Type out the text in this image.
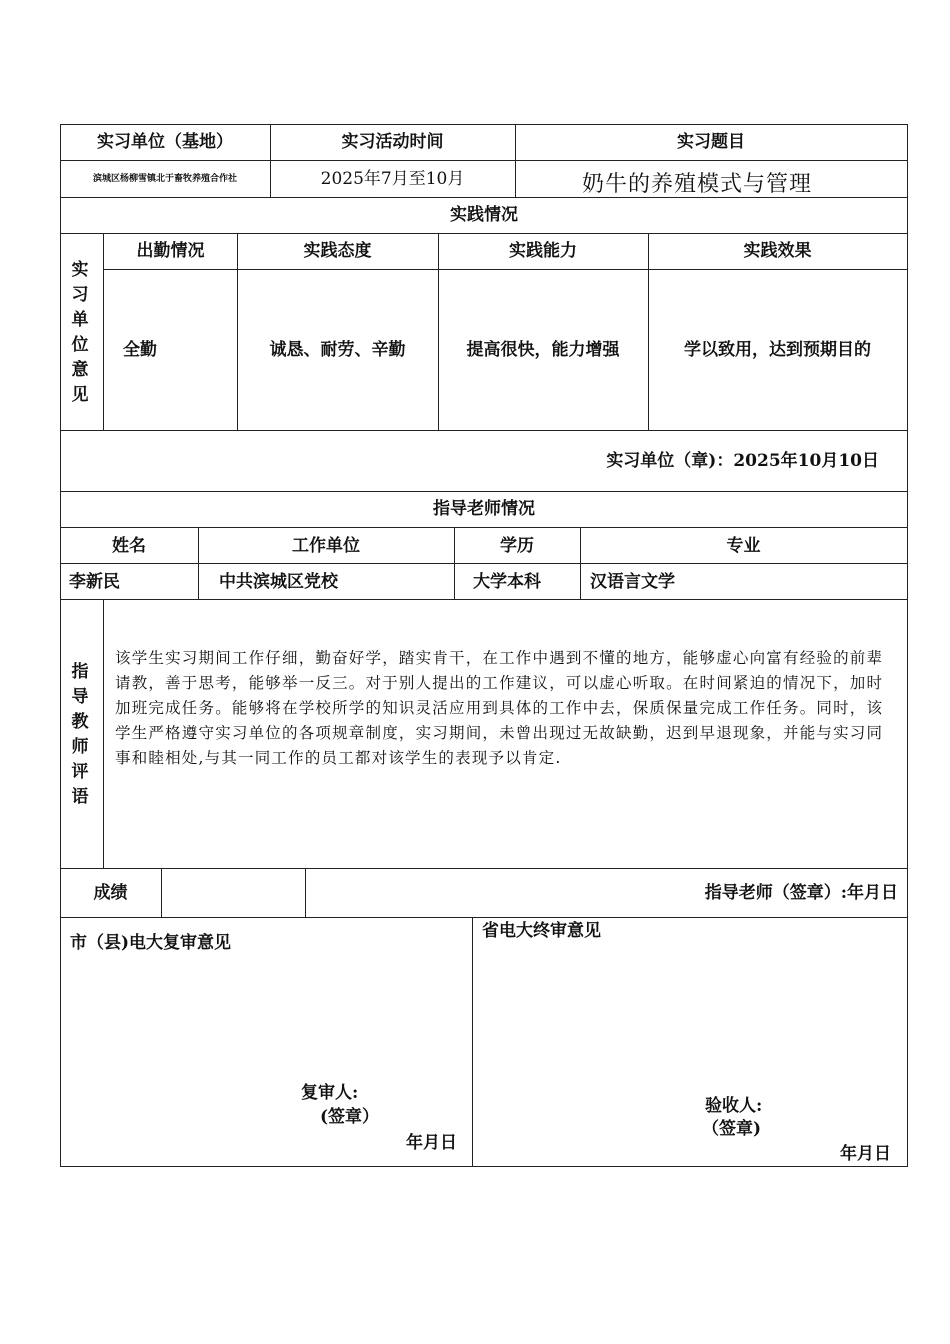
实习单位（基地）	实习活动时间	实习题目
滨城区杨柳雪镇北于畜牧养殖合作社	2025年7月至10月	奶牛的养殖模式与管理
实践情况
实习单位意见
出勤情况	实践态度	实践能力	实践效果
全勤	诚恳、耐劳、辛勤	提高很快，能力增强	学以致用，达到预期目的
实习单位（章)：2025年10月10日
指导老师情况
姓名	工作单位	学历	专业
李新民	中共滨城区党校	大学本科	汉语言文学
指导教师评语
该学生实习期间工作仔细，勤奋好学，踏实肯干，在工作中遇到不懂的地方，能够虚心向富有经验的前辈请教，善于思考，能够举一反三。对于别人提出的工作建议，可以虚心听取。在时间紧迫的情况下，加时加班完成任务。能够将在学校所学的知识灵活应用到具体的工作中去，保质保量完成工作任务。同时，该学生严格遵守实习单位的各项规章制度，实习期间，未曾出现过无故缺勤，迟到早退现象，并能与实习同事和睦相处,与其一同工作的员工都对该学生的表现予以肯定.
成绩	指导老师（签章）:年月日
市（县)电大复审意见
复审人:
(签章）
年月日
省电大终审意见
验收人:
（签章)
年月日
